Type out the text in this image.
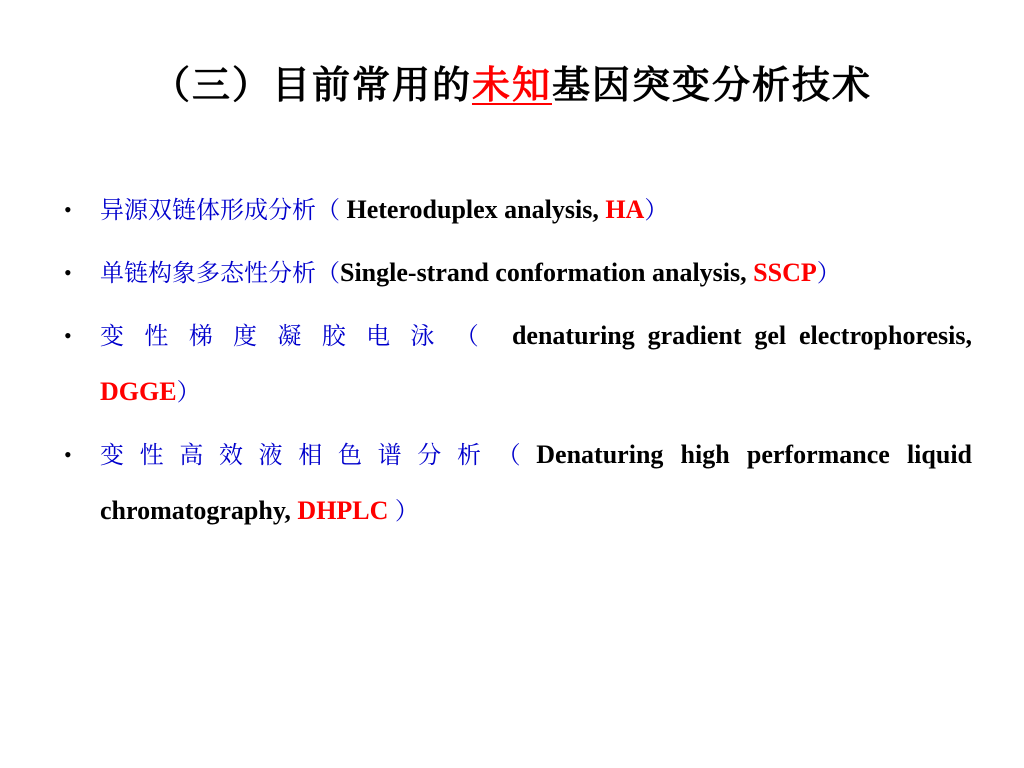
（三）目前常用的未知基因突变分析技术
• 异源双链体形成分析（ Heteroduplex analysis, HA）
• 单链构象多态性分析（Single-strand conformation analysis, SSCP）
• 变性梯度凝胶电泳（ denaturing gradient gel electrophoresis, DGGE）
• 变性高效液相色谱分析（Denaturing high performance liquid chromatography, DHPLC ）
